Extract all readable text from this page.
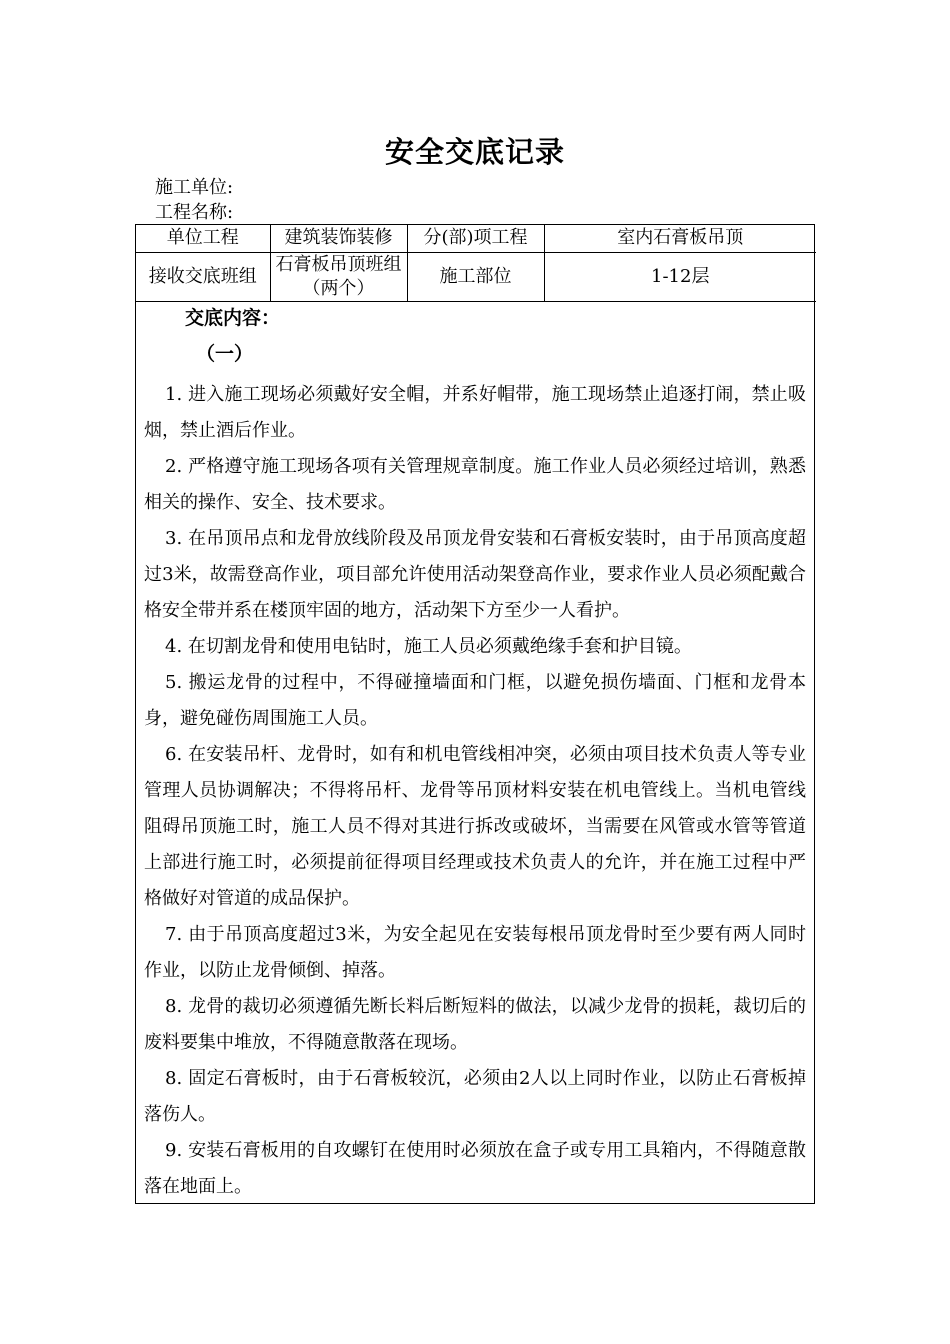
安全交底记录
施工单位:
工程名称:
单位工程	建筑装饰装修	分(部)项工程	室内石膏板吊顶
接收交底班组	石膏板吊顶班组（两个）	施工部位	1-12层
交底内容：
（一）

1. 进入施工现场必须戴好安全帽，并系好帽带，施工现场禁止追逐打闹，禁止吸烟，禁止酒后作业。

2. 严格遵守施工现场各项有关管理规章制度。施工作业人员必须经过培训，熟悉相关的操作、安全、技术要求。

3. 在吊顶吊点和龙骨放线阶段及吊顶龙骨安装和石膏板安装时，由于吊顶高度超过3米，故需登高作业，项目部允许使用活动架登高作业，要求作业人员必须配戴合格安全带并系在楼顶牢固的地方，活动架下方至少一人看护。

4. 在切割龙骨和使用电钻时，施工人员必须戴绝缘手套和护目镜。

5. 搬运龙骨的过程中，不得碰撞墙面和门框，以避免损伤墙面、门框和龙骨本身，避免碰伤周围施工人员。

6. 在安装吊杆、龙骨时，如有和机电管线相冲突，必须由项目技术负责人等专业管理人员协调解决；不得将吊杆、龙骨等吊顶材料安装在机电管线上。当机电管线阻碍吊顶施工时，施工人员不得对其进行拆改或破坏，当需要在风管或水管等管道上部进行施工时，必须提前征得项目经理或技术负责人的允许，并在施工过程中严格做好对管道的成品保护。

7. 由于吊顶高度超过3米，为安全起见在安装每根吊顶龙骨时至少要有两人同时作业，以防止龙骨倾倒、掉落。

8. 龙骨的裁切必须遵循先断长料后断短料的做法，以减少龙骨的损耗，裁切后的废料要集中堆放，不得随意散落在现场。

8. 固定石膏板时，由于石膏板较沉，必须由2人以上同时作业，以防止石膏板掉落伤人。

9. 安装石膏板用的自攻螺钉在使用时必须放在盒子或专用工具箱内，不得随意散落在地面上。
